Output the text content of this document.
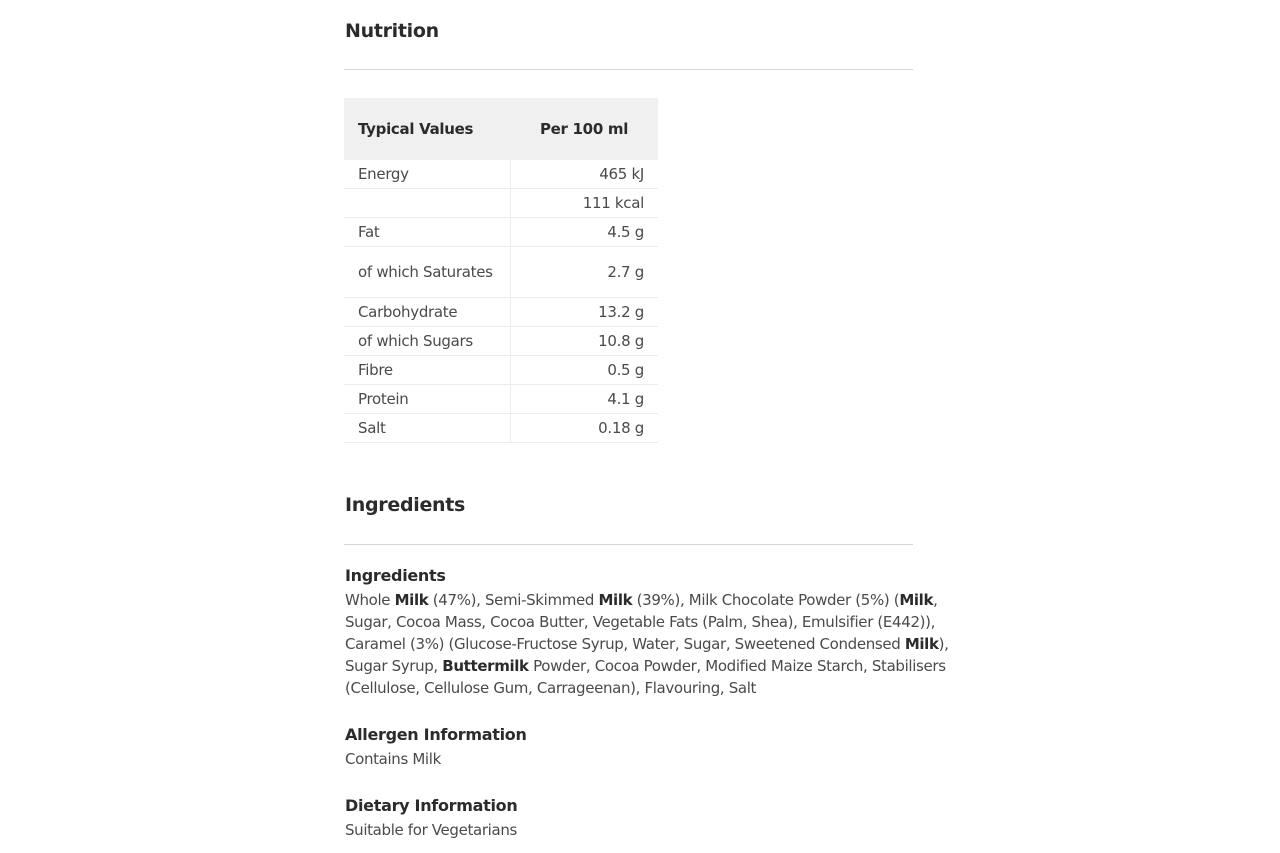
Nutrition
Typical Values	Per 100 ml
Energy	465 kJ
	111 kcal
Fat	4.5 g
of which Saturates	2.7 g
Carbohydrate	13.2 g
of which Sugars	10.8 g
Fibre	0.5 g
Protein	4.1 g
Salt	0.18 g
Ingredients
Ingredients
Whole Milk (47%), Semi-Skimmed Milk (39%), Milk Chocolate Powder (5%) (Milk, Sugar, Cocoa Mass, Cocoa Butter, Vegetable Fats (Palm, Shea), Emulsifier (E442)), Caramel (3%) (Glucose-Fructose Syrup, Water, Sugar, Sweetened Condensed Milk), Sugar Syrup, Buttermilk Powder, Cocoa Powder, Modified Maize Starch, Stabilisers (Cellulose, Cellulose Gum, Carrageenan), Flavouring, Salt
Allergen Information
Contains Milk
Dietary Information
Suitable for Vegetarians
